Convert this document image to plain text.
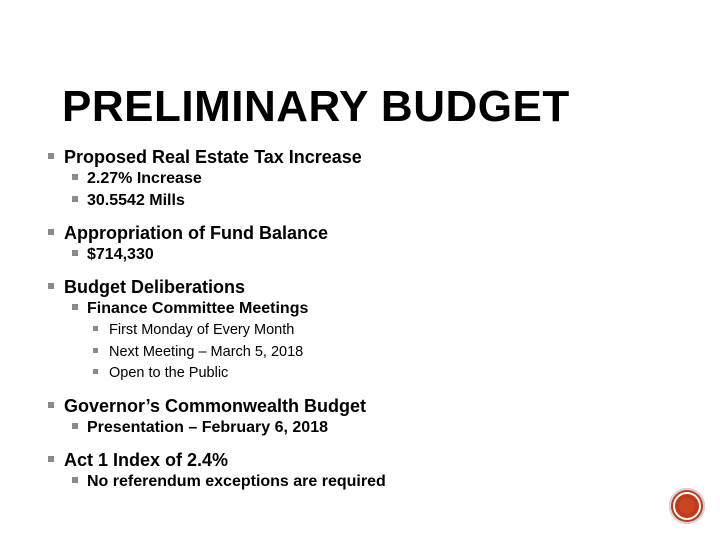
PRELIMINARY BUDGET
Proposed Real Estate Tax Increase
2.27% Increase
30.5542 Mills
Appropriation of Fund Balance
$714,330
Budget Deliberations
Finance Committee Meetings
First Monday of Every Month
Next Meeting – March 5, 2018
Open to the Public
Governor’s Commonwealth Budget
Presentation – February 6, 2018
Act 1 Index of 2.4%
No referendum exceptions are required
